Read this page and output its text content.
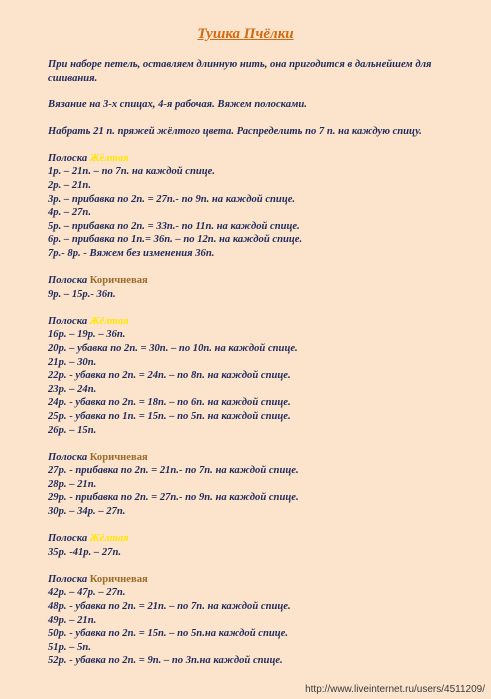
Тушка Пчёлки

При наборе петель, оставляем длинную нить, она пригодится в дальнейшем для сшивания.

Вязание на 3-х спицах, 4-я рабочая. Вяжем полосками.

Набрать 21 п. пряжей жёлтого цвета. Распределить по 7 п. на каждую спицу.

Полоска Жёлтая

1р. – 21п. – по 7п. на каждой спице.

2р. – 21п.

3р. – прибавка по 2п. = 27п.- по 9п. на каждой спице.

4р. – 27п.

5р. – прибавка по 2п. = 33п.- по 11п. на каждой спице.

6р. – прибавка по 1п.= 36п. – по 12п. на каждой спице.

7р.- 8р. - Вяжем без изменения 36п.

Полоска Коричневая

9р. – 15р.- 36п.

Полоска Жёлтая

16р. – 19р. – 36п.

20р. – убавка по 2п. = 30п. – по 10п. на каждой спице.

21р. – 30п.

22р. - убавка по 2п. = 24п. – по 8п. на каждой спице.

23р. – 24п.

24р. - убавка по 2п. = 18п. – по 6п. на каждой спице.

25р. - убавка по 1п. = 15п. – по 5п. на каждой спице.

26р. – 15п.

Полоска Коричневая

27р. - прибавка по 2п. = 21п.- по 7п. на каждой спице.

28р. – 21п.

29р. - прибавка по 2п. = 27п.- по 9п. на каждой спице.

30р. – 34р. – 27п.

Полоска Жёлтая

35р. -41р. – 27п.

Полоска Коричневая

42р. – 47р. – 27п.

48р. - убавка по 2п. = 21п. – по 7п. на каждой спице.

49р. – 21п.

50р. - убавка по 2п. = 15п. – по 5п.на каждой спице.

51р. – 5п.

52р. - убавка по 2п. = 9п. – по 3п.на каждой спице.

http://www.liveinternet.ru/users/4511209/
